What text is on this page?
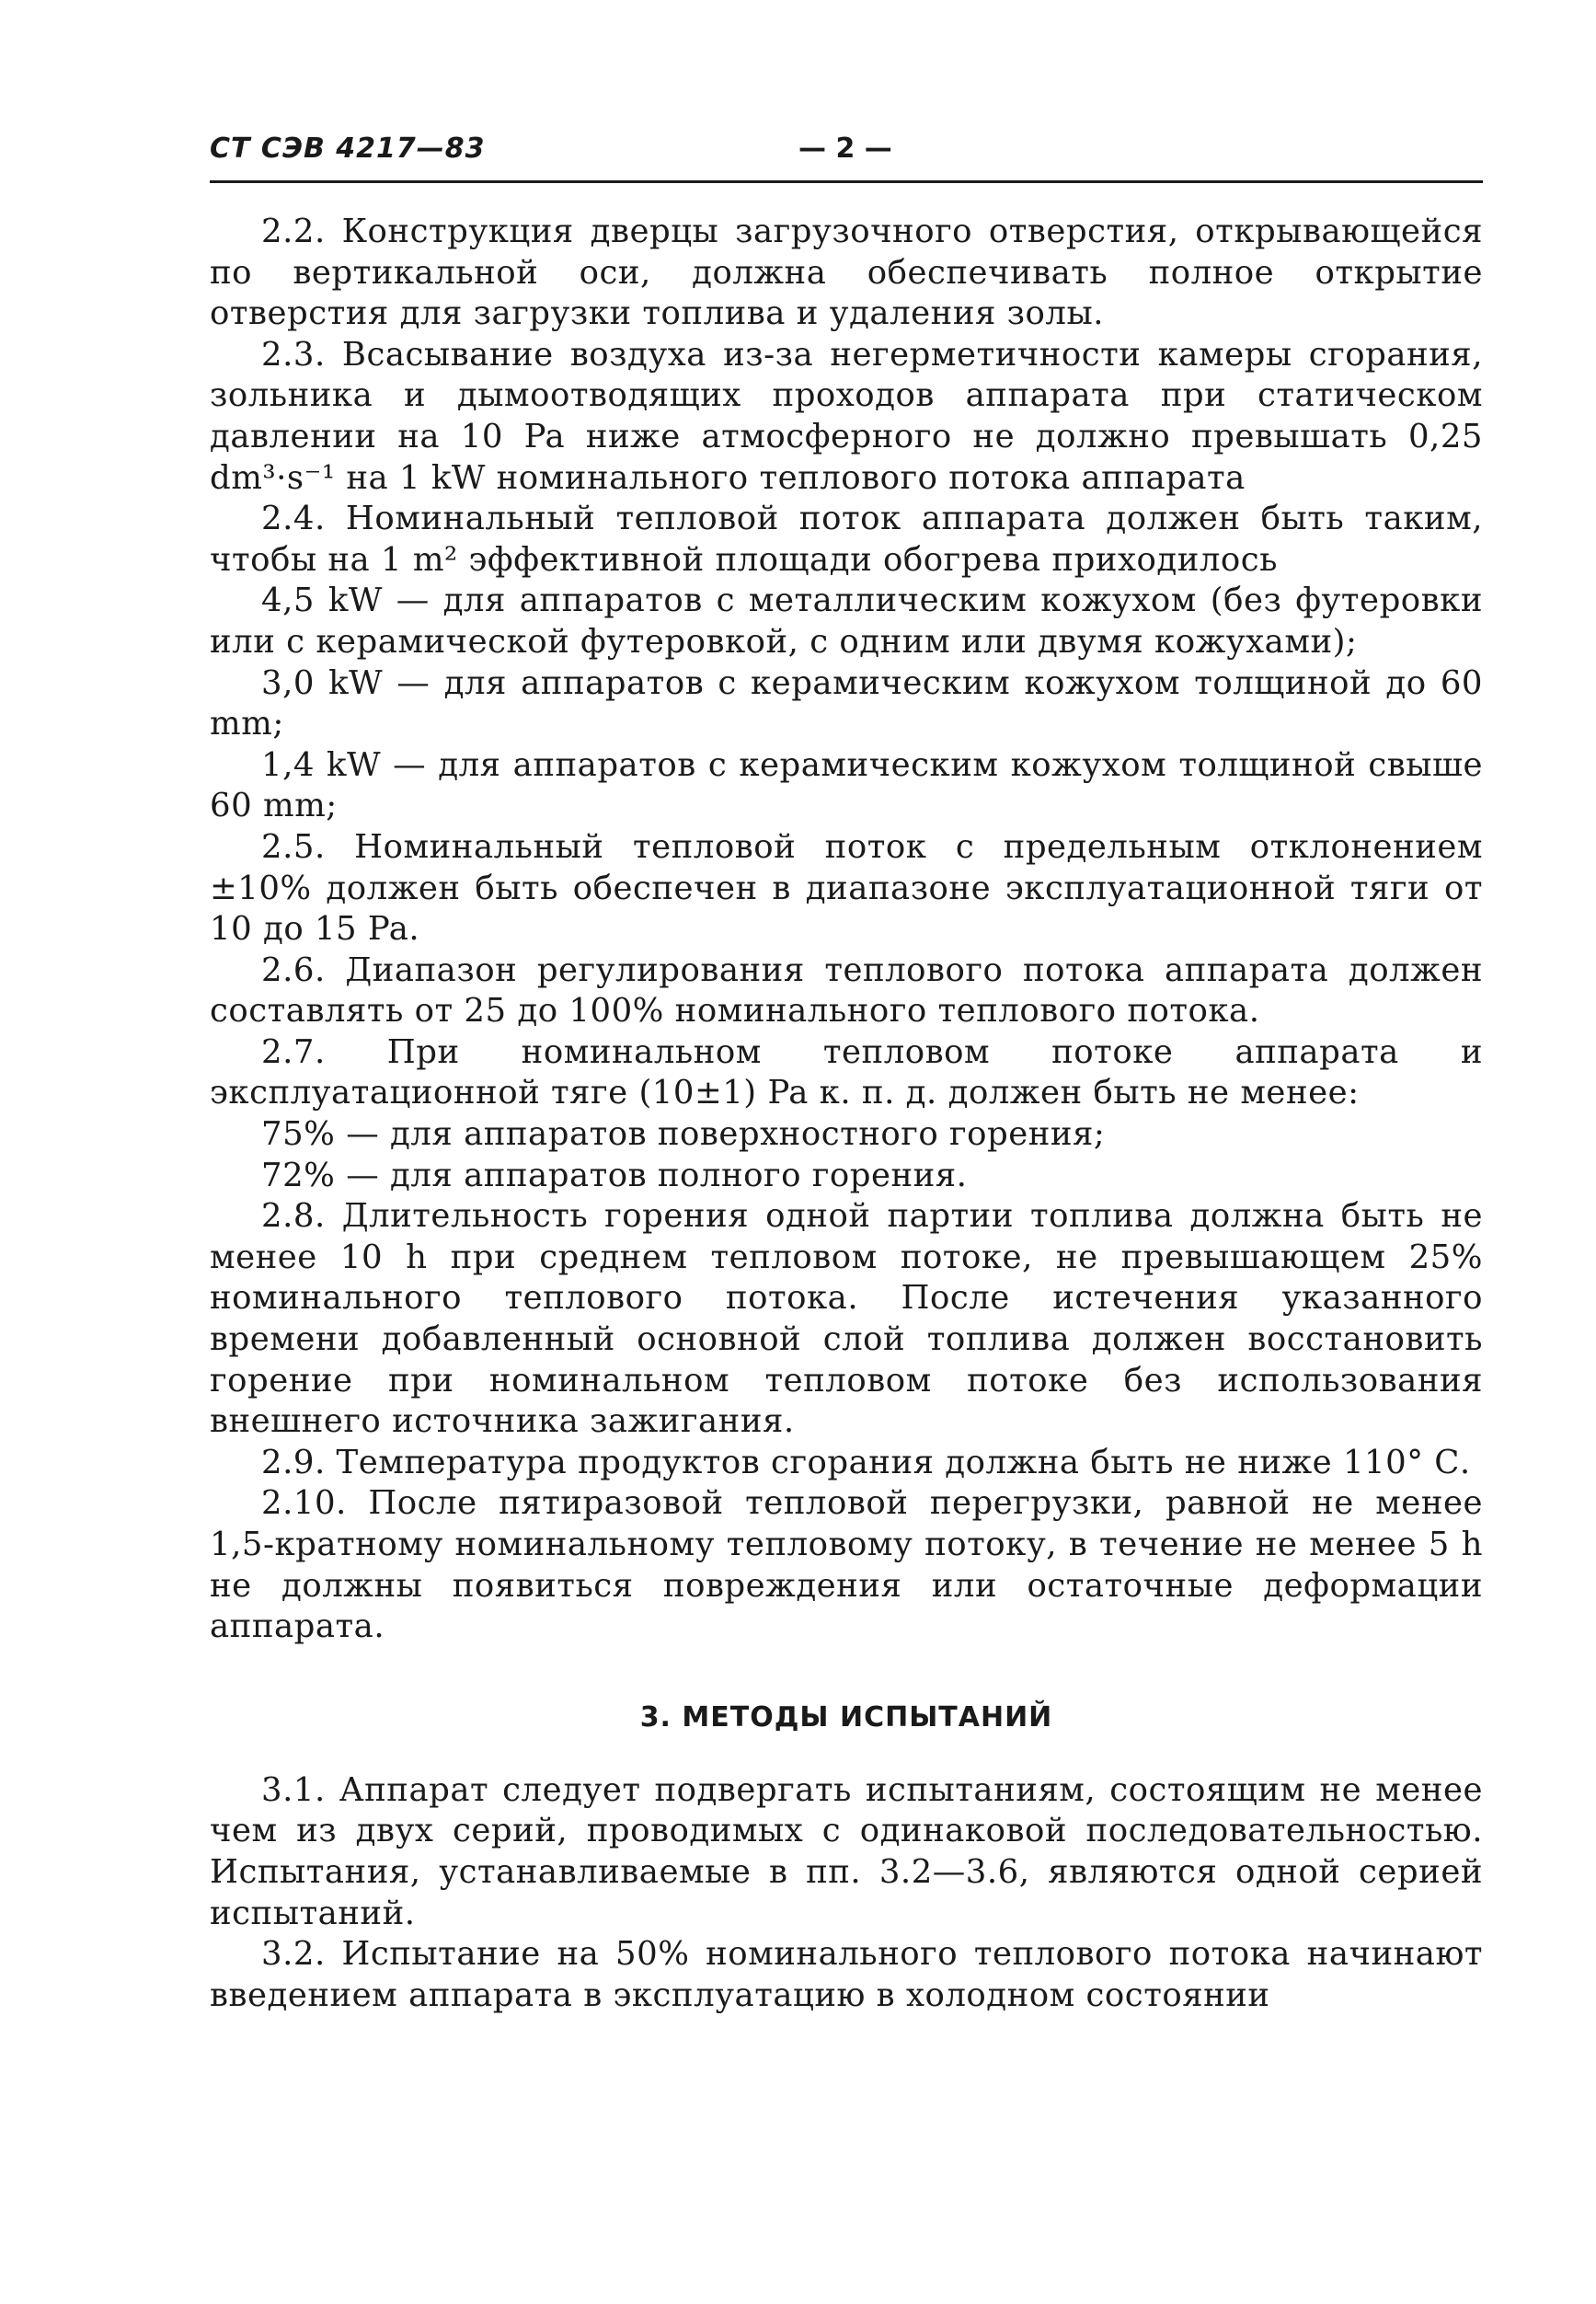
СТ СЭВ 4217—83	— 2 —

2.2. Конструкция дверцы загрузочного отверстия, открывающейся по вертикальной оси, должна обеспечивать полное открытие отверстия для загрузки топлива и удаления золы.

2.3. Всасывание воздуха из-за негерметичности камеры сгорания, зольника и дымоотводящих проходов аппарата при статическом давлении на 10 Pa ниже атмосферного не должно превышать 0,25 dm³·s⁻¹ на 1 kW номинального теплового потока аппарата

2.4. Номинальный тепловой поток аппарата должен быть таким, чтобы на 1 m² эффективной площади обогрева приходилось

4,5 kW — для аппаратов с металлическим кожухом (без футеровки или с керамической футеровкой, с одним или двумя кожухами);

3,0 kW — для аппаратов с керамическим кожухом толщиной до 60 mm;

1,4 kW — для аппаратов с керамическим кожухом толщиной свыше 60 mm;

2.5. Номинальный тепловой поток с предельным отклонением ±10% должен быть обеспечен в диапазоне эксплуатационной тяги от 10 до 15 Pa.

2.6. Диапазон регулирования теплового потока аппарата должен составлять от 25 до 100% номинального теплового потока.

2.7. При номинальном тепловом потоке аппарата и эксплуатационной тяге (10±1) Pa к. п. д. должен быть не менее:

75% — для аппаратов поверхностного горения;

72% — для аппаратов полного горения.

2.8. Длительность горения одной партии топлива должна быть не менее 10 h при среднем тепловом потоке, не превышающем 25% номинального теплового потока. После истечения указанного времени добавленный основной слой топлива должен восстановить горение при номинальном тепловом потоке без использования внешнего источника зажигания.

2.9. Температура продуктов сгорания должна быть не ниже 110° С.

2.10. После пятиразовой тепловой перегрузки, равной не менее 1,5-кратному номинальному тепловому потоку, в течение не менее 5 h не должны появиться повреждения или остаточные деформации аппарата.

3. МЕТОДЫ ИСПЫТАНИЙ

3.1. Аппарат следует подвергать испытаниям, состоящим не менее чем из двух серий, проводимых с одинаковой последовательностью. Испытания, устанавливаемые в пп. 3.2—3.6, являются одной серией испытаний.

3.2. Испытание на 50% номинального теплового потока начинают введением аппарата в эксплуатацию в холодном состоянии
